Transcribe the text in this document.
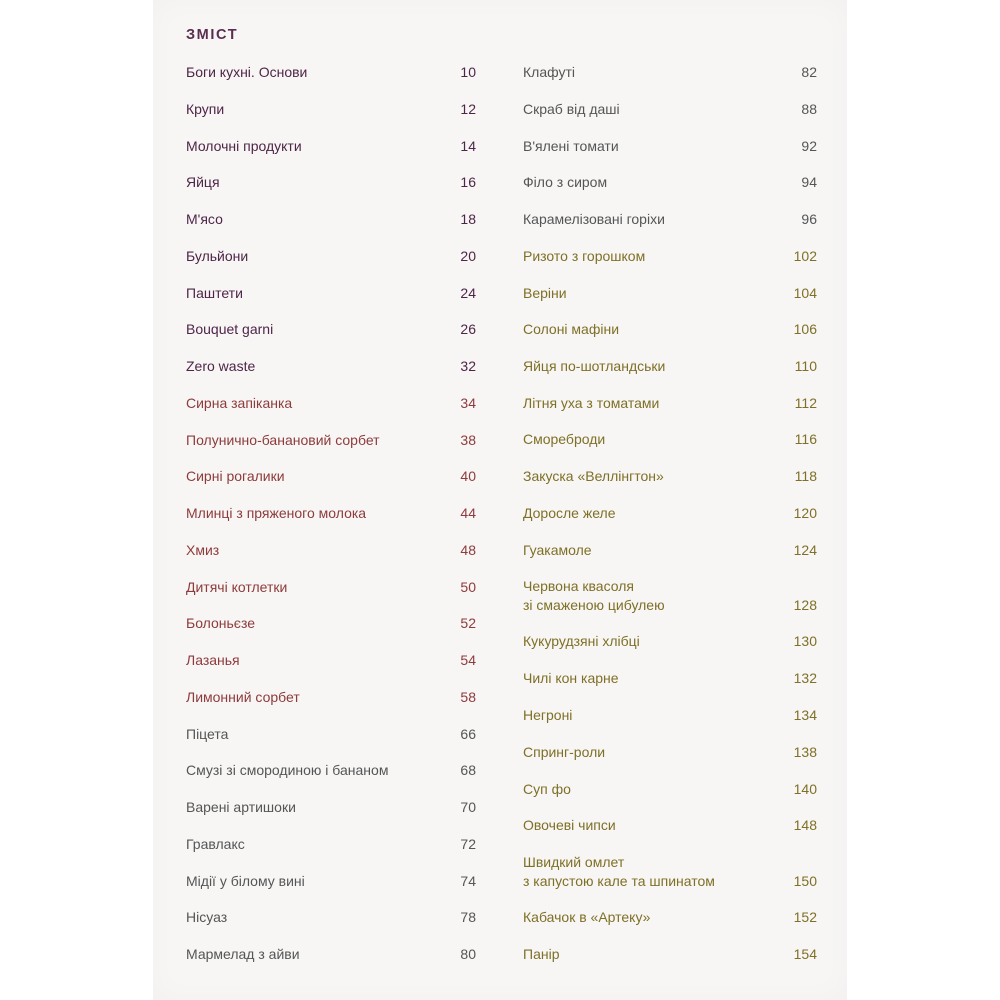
ЗМІСТ
Боги кухні. Основи	10
Крупи	12
Молочні продукти	14
Яйця	16
М'ясо	18
Бульйони	20
Паштети	24
Bouquet garni	26
Zero waste	32
Сирна запіканка	34
Полунично-банановий сорбет	38
Сирні рогалики	40
Млинці з пряженого молока	44
Хмиз	48
Дитячі котлетки	50
Болоньєзе	52
Лазанья	54
Лимонний сорбет	58
Піцета	66
Смузі зі смородиною і бананом	68
Варені артишоки	70
Гравлакс	72
Мідії у білому вині	74
Нісуаз	78
Мармелад з айви	80
Клафуті	82
Скраб від даші	88
В'ялені томати	92
Філо з сиром	94
Карамелізовані горіхи	96
Ризото з горошком	102
Веріни	104
Солоні мафіни	106
Яйця по-шотландськи	110
Літня уха з томатами	112
Смореброди	116
Закуска «Веллінгтон»	118
Доросле желе	120
Гуакамоле	124
Червона квасоля
зі смаженою цибулею	128
Кукурудзяні хлібці	130
Чилі кон карне	132
Негроні	134
Спринг-роли	138
Суп фо	140
Овочеві чипси	148
Швидкий омлет
з капустою кале та шпинатом	150
Кабачок в «Артеку»	152
Панір	154
